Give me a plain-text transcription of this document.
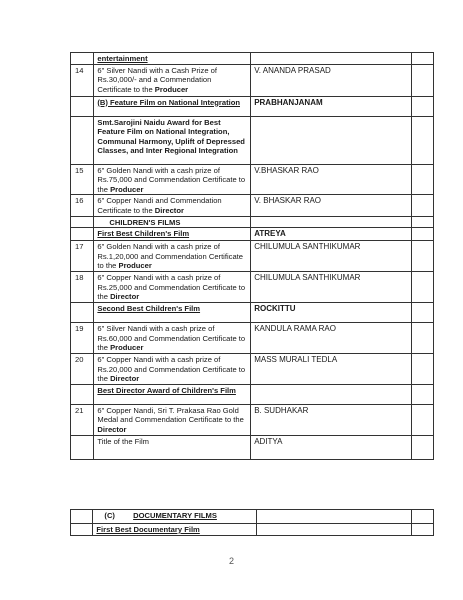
	entertainment		
14	6" Silver Nandi with a Cash Prize of Rs.30,000/- and a Commendation Certificate to the Producer	V. ANANDA PRASAD	
	(B) Feature Film on National Integration	PRABHANJANAM	
	Smt.Sarojini Naidu Award for Best Feature Film on National Integration, Communal Harmony, Uplift of Depressed Classes, and Inter Regional Integration		
15	6" Golden Nandi with a cash prize of Rs.75,000 and Commendation Certificate to the Producer	V.BHASKAR RAO	
16	6" Copper Nandi and Commendation Certificate to the Director	V. BHASKAR RAO	
	CHILDREN'S FILMS		
	First Best Children's Film	ATREYA	
17	6" Golden Nandi with a cash prize of Rs.1,20,000 and Commendation Certificate to the Producer	CHILUMULA SANTHIKUMAR	
18	6" Copper Nandi with a cash prize of Rs.25,000 and Commendation Certificate to the Director	CHILUMULA SANTHIKUMAR	
	Second Best Children's Film	ROCKITTU	
19	6" Silver Nandi with a cash prize of Rs.60,000 and Commendation Certificate to the Producer	KANDULA RAMA RAO	
20	6" Copper Nandi with a cash prize of Rs.20,000 and Commendation Certificate to the Director	MASS MURALI TEDLA	
	Best Director Award of Children's Film		
21	6" Copper Nandi, Sri T. Prakasa Rao Gold Medal and Commendation Certificate to the Director	B. SUDHAKAR	
	Title of the Film	ADITYA	
	(C) DOCUMENTARY FILMS		
	First Best Documentary Film		
2
